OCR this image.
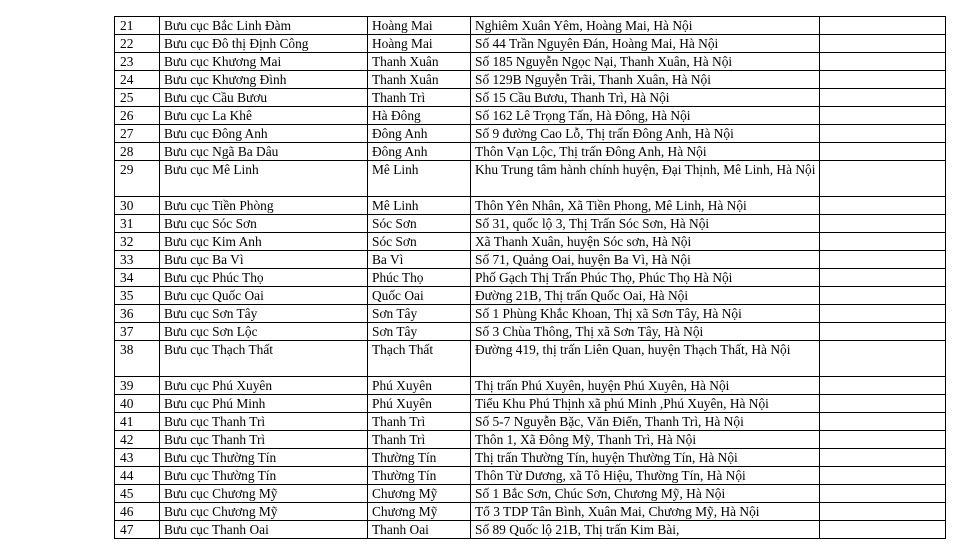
21	Bưu cục Bắc Linh Đàm	Hoàng Mai	Nghiêm Xuân Yêm, Hoàng Mai, Hà Nội	
22	Bưu cục Đô thị Định Công	Hoàng Mai	Số 44 Trần Nguyên Đán, Hoàng Mai, Hà Nội	
23	Bưu cục Khương Mai	Thanh Xuân	Số 185 Nguyễn Ngọc Nại, Thanh Xuân, Hà Nội	
24	Bưu cục Khương Đình	Thanh Xuân	Số 129B Nguyễn Trãi, Thanh Xuân, Hà Nội	
25	Bưu cục Cầu Bươu	Thanh Trì	Số 15 Cầu Bươu, Thanh Trì, Hà Nội	
26	Bưu cục La Khê	Hà Đông	Số 162 Lê Trọng Tấn, Hà Đông, Hà Nội	
27	Bưu cục Đông Anh	Đông Anh	Số 9 đường Cao Lỗ, Thị trấn Đông Anh, Hà Nội	
28	Bưu cục Ngã Ba Dâu	Đông Anh	Thôn Vạn Lộc, Thị trấn Đông Anh, Hà Nội	
29	Bưu cục Mê Linh	Mê Linh	Khu Trung tâm hành chính huyện, Đại Thịnh, Mê Linh, Hà Nội	
30	Bưu cục Tiền Phòng	Mê Linh	Thôn Yên Nhân, Xã Tiền Phong, Mê Linh, Hà Nội	
31	Bưu cục Sóc Sơn	Sóc Sơn	Số 31, quốc lộ 3, Thị Trấn Sóc Sơn, Hà Nội	
32	Bưu cục Kim Anh	Sóc Sơn	Xã Thanh Xuân, huyện Sóc sơn, Hà Nội	
33	Bưu cục Ba Vì	Ba Vì	Số 71, Quảng Oai, huyện Ba Vì, Hà Nội	
34	Bưu cục Phúc Thọ	Phúc Thọ	Phố Gạch Thị Trấn Phúc Thọ, Phúc Thọ Hà Nội	
35	Bưu cục Quốc Oai	Quốc Oai	Đường 21B, Thị trấn Quốc Oai, Hà Nội	
36	Bưu cục Sơn Tây	Sơn Tây	Số 1 Phùng Khắc Khoan, Thị xã Sơn Tây, Hà Nội	
37	Bưu cục Sơn Lộc	Sơn Tây	Số 3 Chùa Thông, Thị xã Sơn Tây, Hà Nội	
38	Bưu cục Thạch Thất	Thạch Thất	Đường 419, thị trấn Liên Quan, huyện Thạch Thất, Hà Nội	
39	Bưu cục Phú Xuyên	Phú Xuyên	Thị trấn Phú Xuyên, huyện Phú Xuyên, Hà Nội	
40	Bưu cục Phú Minh	Phú Xuyên	Tiểu Khu Phú Thịnh xã phú Minh ,Phú Xuyên, Hà Nội	
41	Bưu cục Thanh Trì	Thanh Trì	Số 5-7 Nguyễn Bặc, Văn Điển, Thanh Trì, Hà Nội	
42	Bưu cục Thanh Trì	Thanh Trì	Thôn 1, Xã Đông Mỹ, Thanh Trì, Hà Nội	
43	Bưu cục Thường Tín	Thường Tín	Thị trấn Thường Tín, huyện Thường Tín, Hà Nội	
44	Bưu cục Thường Tín	Thường Tín	Thôn Từ Dương, xã Tô Hiệu, Thường Tín, Hà Nội	
45	Bưu cục Chương Mỹ	Chương Mỹ	Số 1 Bắc Sơn, Chúc Sơn, Chương Mỹ, Hà Nội	
46	Bưu cục Chương Mỹ	Chương Mỹ	Tổ 3 TDP Tân Bình, Xuân Mai, Chương Mỹ, Hà Nội	
47	Bưu cục Thanh Oai	Thanh Oai	Số 89 Quốc lộ 21B, Thị trấn Kim Bài,	
